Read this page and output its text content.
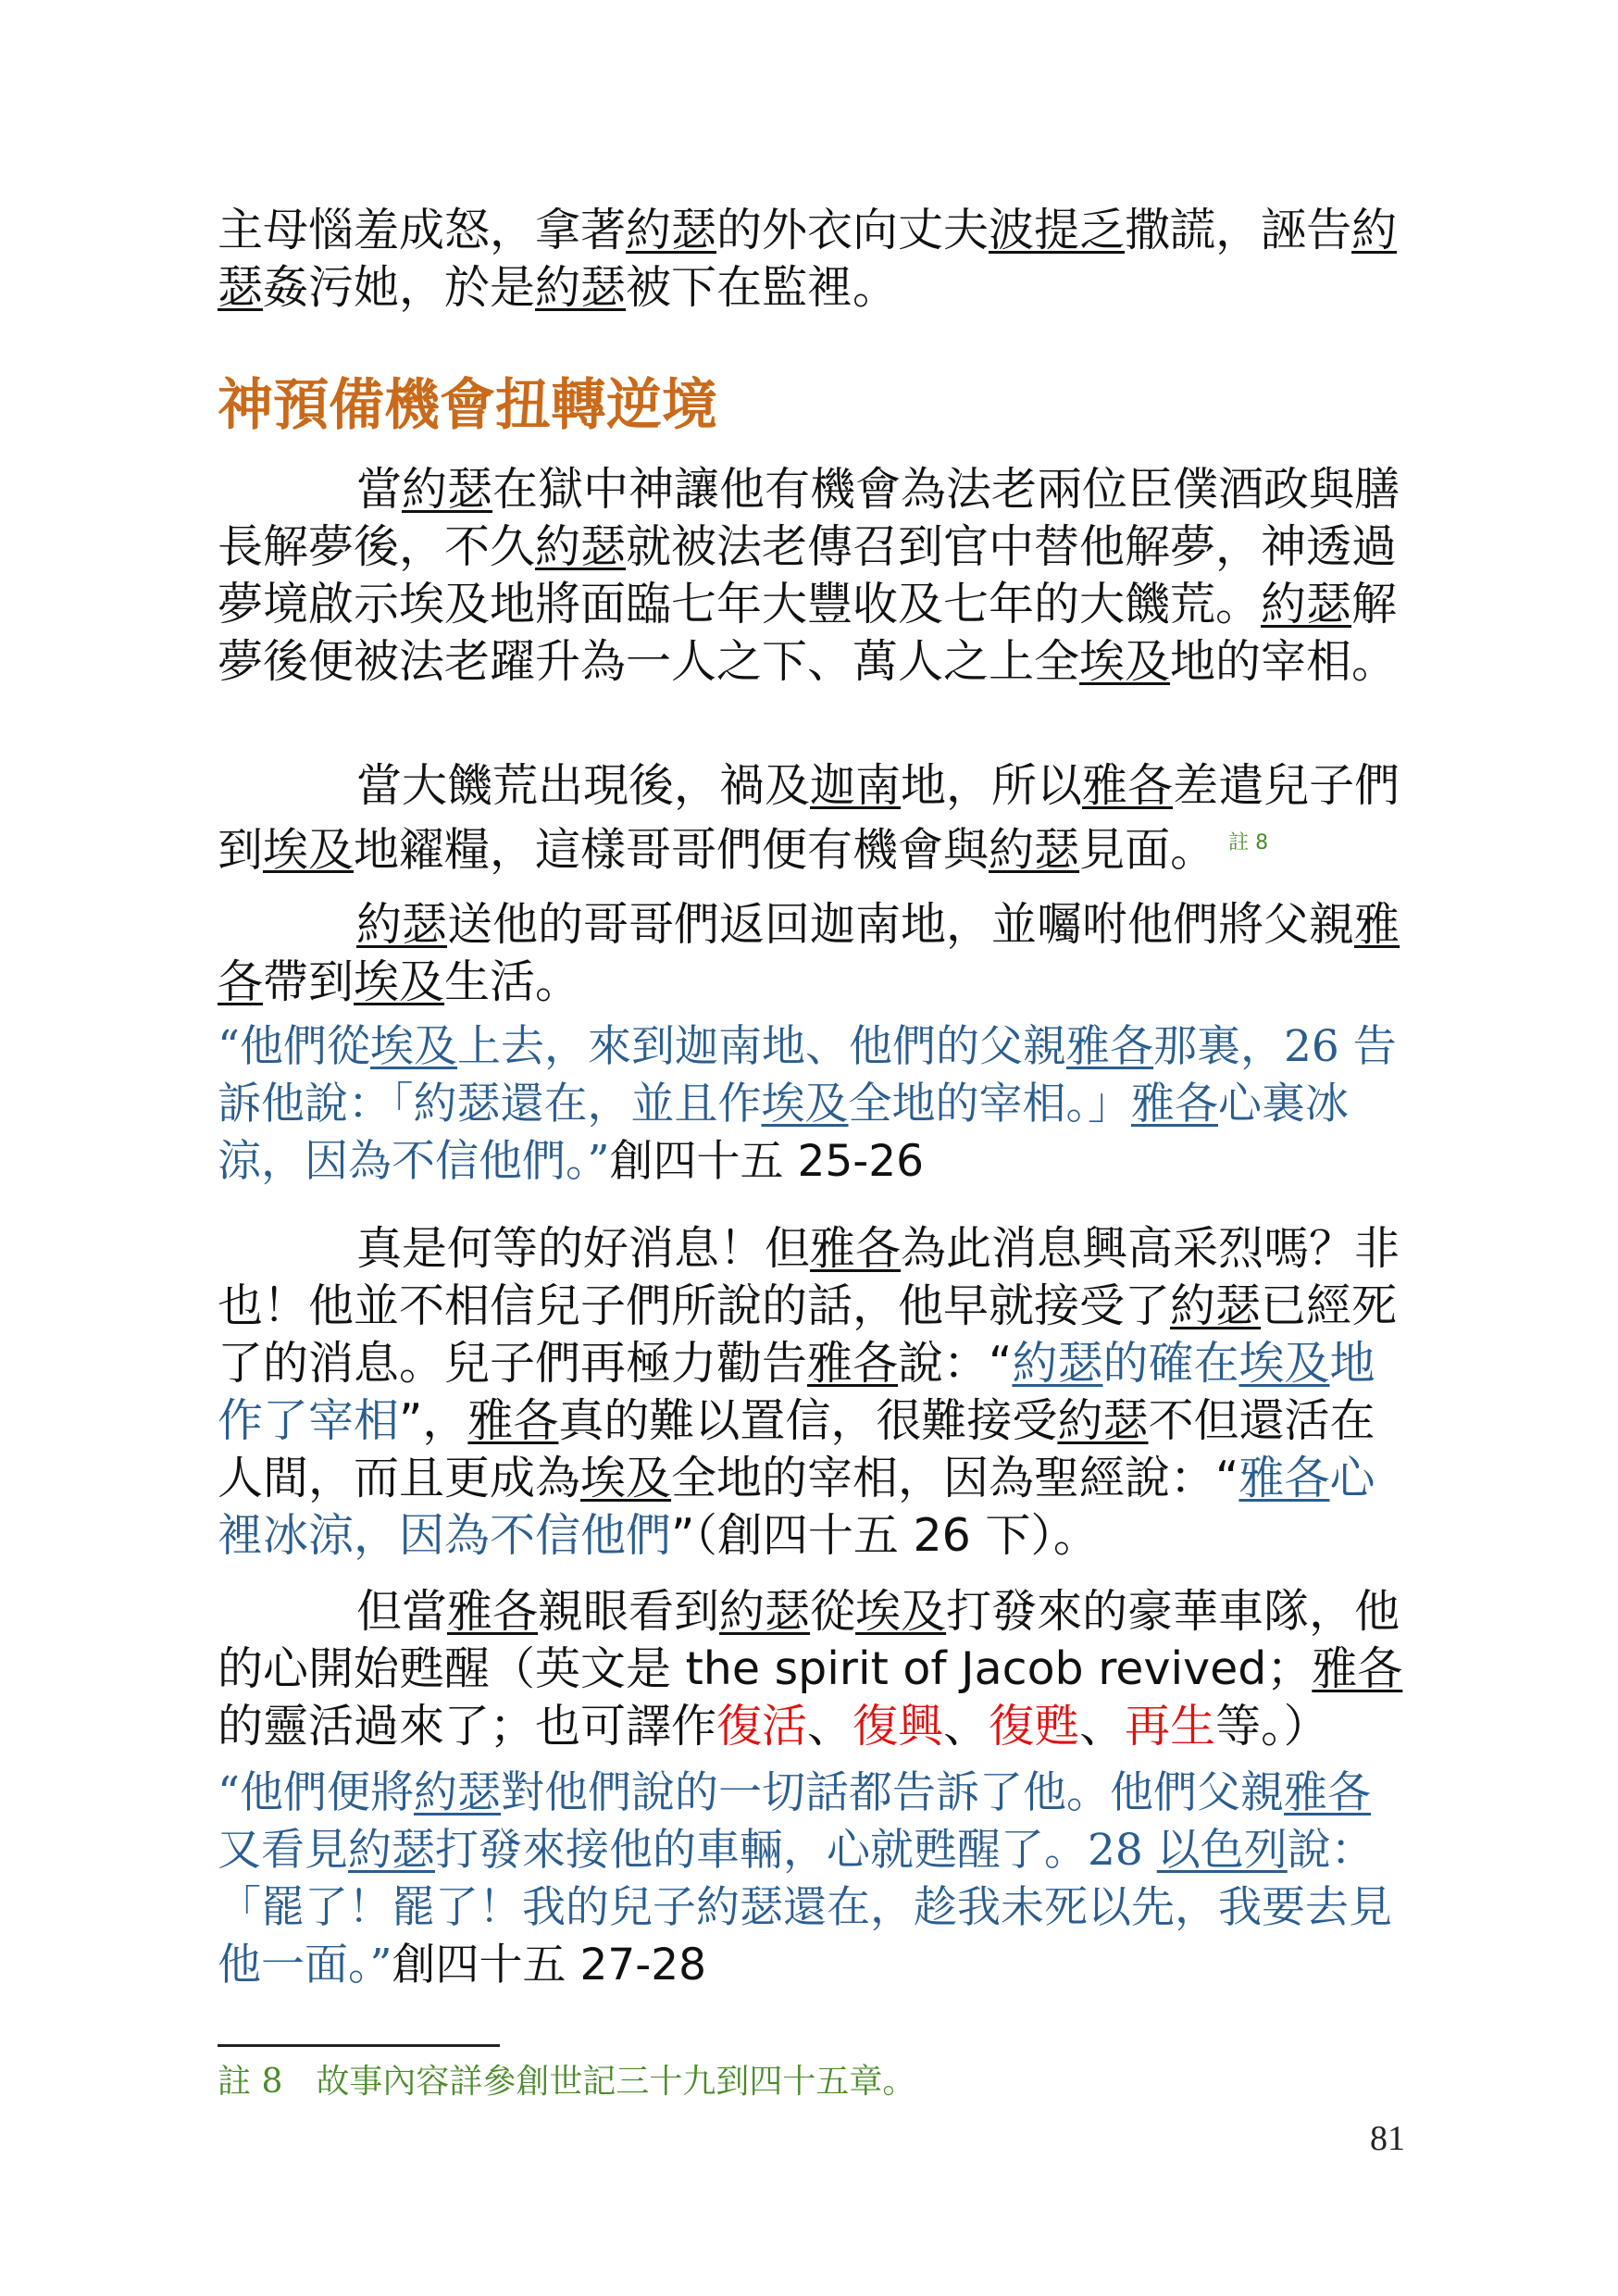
主母惱羞成怒，拿著約瑟的外衣向丈夫波提乏撒謊，誣告約瑟姦污她，於是約瑟被下在監裡。

神預備機會扭轉逆境

當約瑟在獄中神讓他有機會為法老兩位臣僕酒政與膳長解夢後，不久約瑟就被法老傳召到官中替他解夢，神透過夢境啟示埃及地將面臨七年大豐收及七年的大饑荒。約瑟解夢後便被法老躍升為一人之下、萬人之上全埃及地的宰相。

當大饑荒出現後，禍及迦南地，所以雅各差遣兒子們到埃及地糴糧，這樣哥哥們便有機會與約瑟見面。 $^{註 8}$

約瑟送他的哥哥們返回迦南地，並囑咐他們將父親雅各帶到埃及生活。

“他們從埃及上去，來到迦南地、他們的父親雅各那裏，26 告訴他說：「約瑟還在，並且作埃及全地的宰相。」雅各心裏冰涼，因為不信他們。”創四十五 25-26

真是何等的好消息！但雅各為此消息興高采烈嗎？非也！他並不相信兒子們所說的話，他早就接受了約瑟已經死了的消息。兒子們再極力勸告雅各說：“約瑟的確在埃及地作了宰相”，雅各真的難以置信，很難接受約瑟不但還活在人間，而且更成為埃及全地的宰相，因為聖經說：“雅各心裡冰涼，因為不信他們”（創四十五 26 下）。

但當雅各親眼看到約瑟從埃及打發來的豪華車隊，他的心開始甦醒（英文是 the spirit of Jacob revived；雅各的靈活過來了；也可譯作復活、復興、復甦、再生等。）

“他們便將約瑟對他們說的一切話都告訴了他。他們父親雅各又看見約瑟打發來接他的車輛，心就甦醒了。28 以色列說：「罷了！罷了！我的兒子約瑟還在，趁我未死以先，我要去見他一面。”創四十五 27-28

註 8　故事內容詳參創世記三十九到四十五章。

81
